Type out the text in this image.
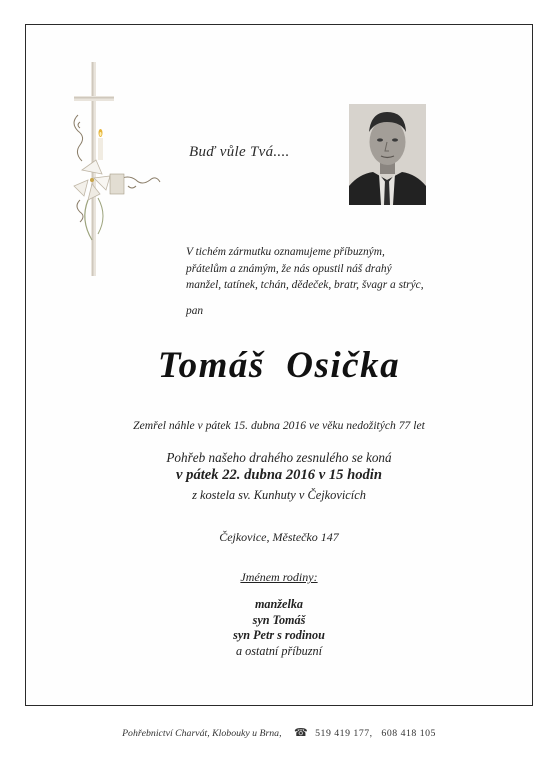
Buď vůle Tvá....
V tichém zármutku oznamujeme příbuzným,
přátelům a známým, že nás opustil náš drahý
manžel, tatínek, tchán, dědeček, bratr, švagr a strýc,
pan
Tomáš  Osička
Zemřel náhle v pátek 15. dubna 2016 ve věku nedožitých 77 let
Pohřeb našeho drahého zesnulého se koná
v pátek 22. dubna 2016 v 15 hodin
z kostela sv. Kunhuty v Čejkovicích
Čejkovice, Městečko 147
Jménem rodiny:
manželka
syn Tomáš
syn Petr s rodinou
a ostatní příbuzní
Pohřebnictví Charvát, Klobouky u Brna, ☎ 519 419 177,   608 418 105
